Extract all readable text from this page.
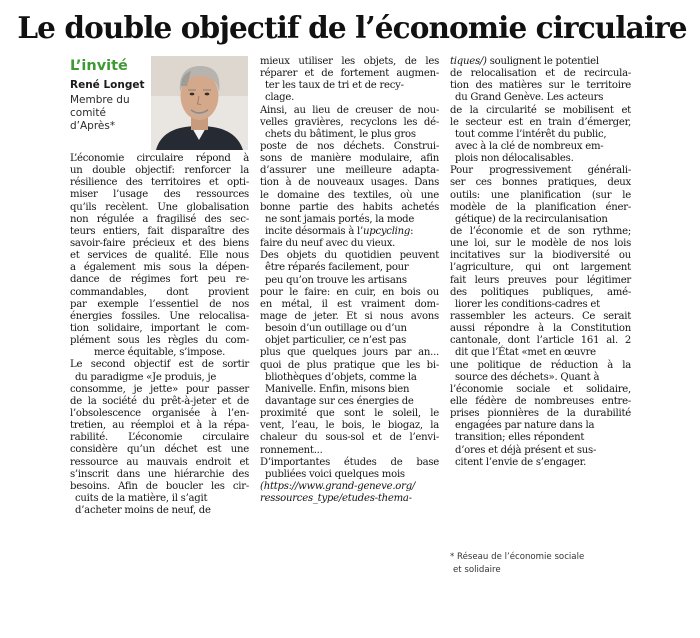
Le double objectif de l’économie circulaire
L’invité
René Longet
Membre du
comité
d’Après*
L’économie circulaire répond à
un double objectif: renforcer la
résilience des territoires et opti-
miser l’usage des ressources
qu’ils recèlent. Une globalisation
non régulée a fragilisé des sec-
teurs entiers, fait disparaître des
savoir-faire précieux et des biens
et services de qualité. Elle nous
a également mis sous la dépen-
dance de régimes fort peu re-
commandables, dont provient
par exemple l’essentiel de nos
énergies fossiles. Une relocalisa-
tion solidaire, important le com-
plément sous les règles du com-
merce équitable, s’impose.
Le second objectif est de sortir
du paradigme «Je produis, je
consomme, je jette» pour passer
de la société du prêt-à-jeter et de
l’obsolescence organisée à l’en-
tretien, au réemploi et à la répa-
rabilité. L’économie circulaire
considère qu’un déchet est une
ressource au mauvais endroit et
s’inscrit dans une hiérarchie des
besoins. Afin de boucler les cir-
cuits de la matière, il s’agit
d’acheter moins de neuf, de
mieux utiliser les objets, de les
réparer et de fortement augmen-
ter les taux de tri et de recy-
clage.
Ainsi, au lieu de creuser de nou-
velles gravières, recyclons les dé-
chets du bâtiment, le plus gros
poste de nos déchets. Construi-
sons de manière modulaire, afin
d’assurer une meilleure adapta-
tion à de nouveaux usages. Dans
le domaine des textiles, où une
bonne partie des habits achetés
ne sont jamais portés, la mode
incite désormais à l’upcycling:
faire du neuf avec du vieux.
Des objets du quotidien peuvent
être réparés facilement, pour
peu qu’on trouve les artisans
pour le faire: en cuir, en bois ou
en métal, il est vraiment dom-
mage de jeter. Et si nous avons
besoin d’un outillage ou d’un
objet particulier, ce n’est pas
plus que quelques jours par an...
quoi de plus pratique que les bi-
bliothèques d’objets, comme la
Manivelle. Enfin, misons bien
davantage sur ces énergies de
proximité que sont le soleil, le
vent, l’eau, le bois, le biogaz, la
chaleur du sous-sol et de l’envi-
ronnement...
D’importantes études de base
publiées voici quelques mois
(https://www.grand-geneve.org/
ressources_type/etudes-thema-
tiques/) soulignent le potentiel
de relocalisation et de recircula-
tion des matières sur le territoire
du Grand Genève. Les acteurs
de la circularité se mobilisent et
le secteur est en train d’émerger,
tout comme l’intérêt du public,
avec à la clé de nombreux em-
plois non délocalisables.
Pour progressivement générali-
ser ces bonnes pratiques, deux
outils: une planification (sur le
modèle de la planification éner-
gétique) de la recirculanisation
de l’économie et de son rythme;
une loi, sur le modèle de nos lois
incitatives sur la biodiversité ou
l’agriculture, qui ont largement
fait leurs preuves pour légitimer
des politiques publiques, amé-
liorer les conditions-cadres et
rassembler les acteurs. Ce serait
aussi répondre à la Constitution
cantonale, dont l’article 161 al. 2
dit que l’État «met en œuvre
une politique de réduction à la
source des déchets». Quant à
l’économie sociale et solidaire,
elle fédère de nombreuses entre-
prises pionnières de la durabilité
engagées par nature dans la
transition; elles répondent
d’ores et déjà présent et sus-
citent l’envie de s’engager.
* Réseau de l’économie sociale
et solidaire
